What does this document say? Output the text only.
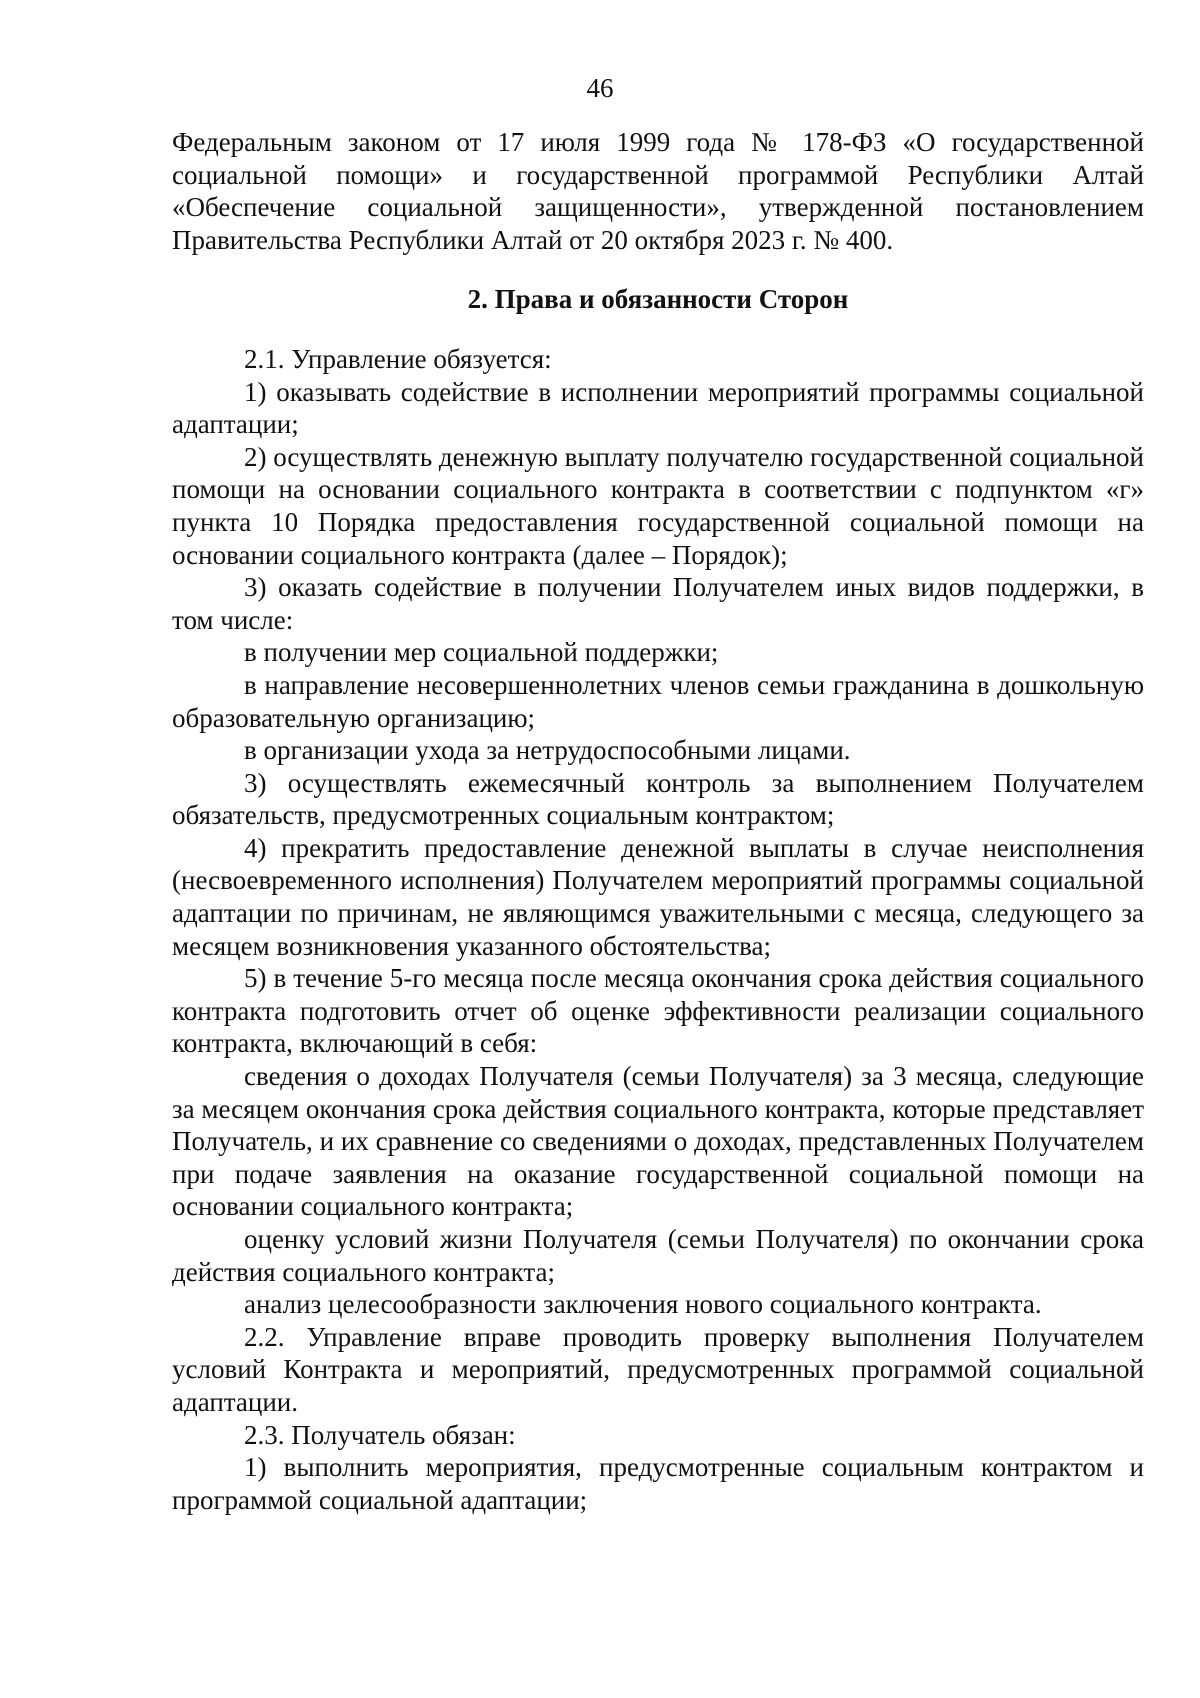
46

Федеральным законом от 17 июля 1999 года № 178-ФЗ «О государственной социальной помощи» и государственной программой Республики Алтай «Обеспечение социальной защищенности», утвержденной постановлением Правительства Республики Алтай от 20 октября 2023 г. № 400.

2. Права и обязанности Сторон

2.1. Управление обязуется:

1) оказывать содействие в исполнении мероприятий программы социальной адаптации;

2) осуществлять денежную выплату получателю государственной социальной помощи на основании социального контракта в соответствии с подпунктом «г» пункта 10 Порядка предоставления государственной социальной помощи на основании социального контракта (далее – Порядок);

3) оказать содействие в получении Получателем иных видов поддержки, в том числе:

в получении мер социальной поддержки;

в направление несовершеннолетних членов семьи гражданина в дошкольную образовательную организацию;

в организации ухода за нетрудоспособными лицами.

3) осуществлять ежемесячный контроль за выполнением Получателем обязательств, предусмотренных социальным контрактом;

4) прекратить предоставление денежной выплаты в случае неисполнения (несвоевременного исполнения) Получателем мероприятий программы социальной адаптации по причинам, не являющимся уважительными с месяца, следующего за месяцем возникновения указанного обстоятельства;

5) в течение 5-го месяца после месяца окончания срока действия социального контракта подготовить отчет об оценке эффективности реализации социального контракта, включающий в себя:

сведения о доходах Получателя (семьи Получателя) за 3 месяца, следующие за месяцем окончания срока действия социального контракта, которые представляет Получатель, и их сравнение со сведениями о доходах, представленных Получателем при подаче заявления на оказание государственной социальной помощи на основании социального контракта;

оценку условий жизни Получателя (семьи Получателя) по окончании срока действия социального контракта;

анализ целесообразности заключения нового социального контракта.

2.2. Управление вправе проводить проверку выполнения Получателем условий Контракта и мероприятий, предусмотренных программой социальной адаптации.

2.3. Получатель обязан:

1) выполнить мероприятия, предусмотренные социальным контрактом и программой социальной адаптации;
